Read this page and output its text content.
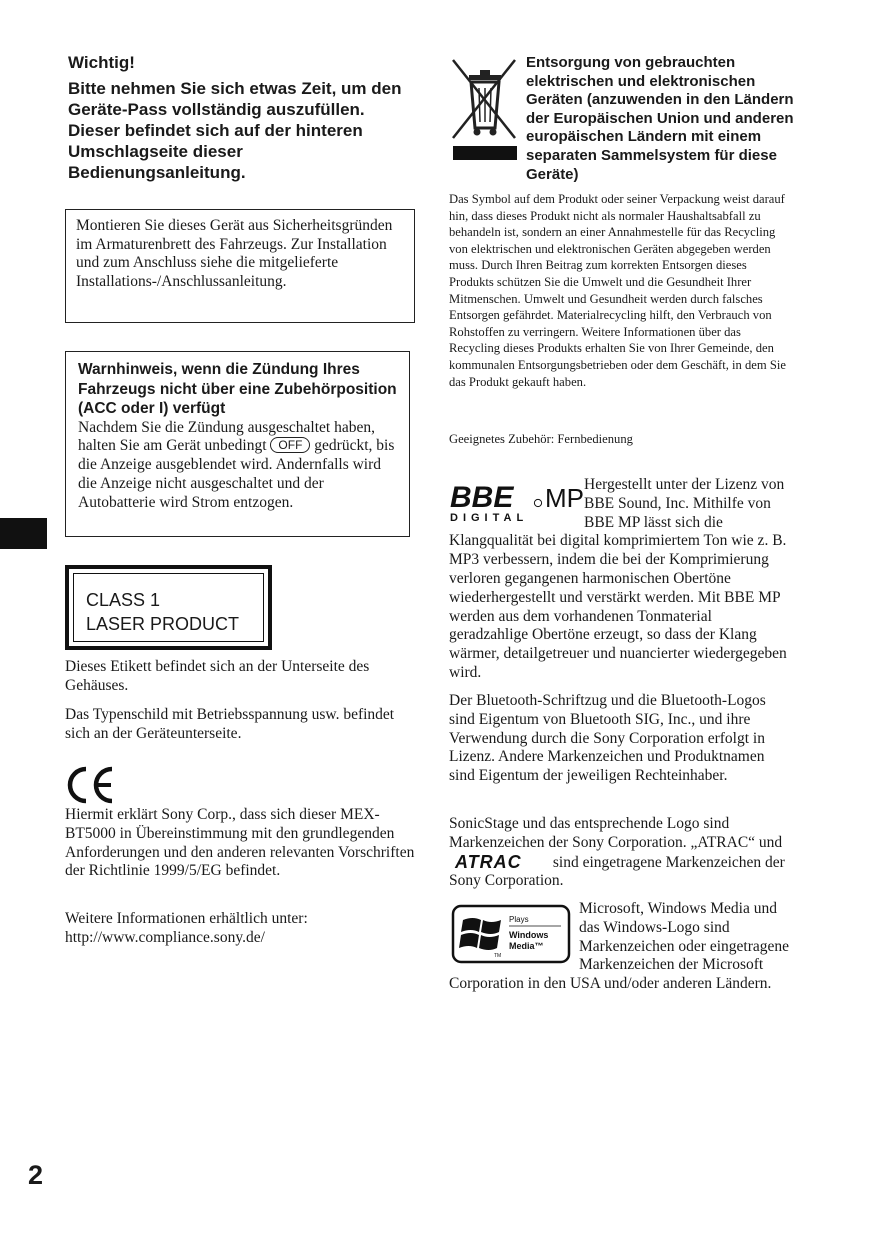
Wichtig!
Bitte nehmen Sie sich etwas Zeit, um den Geräte-Pass vollständig auszufüllen. Dieser befindet sich auf der hinteren Umschlagseite dieser Bedienungsanleitung.
Montieren Sie dieses Gerät aus Sicherheitsgründen im Armaturenbrett des Fahrzeugs. Zur Installation und zum Anschluss siehe die mitgelieferte Installations-/Anschlussanleitung.
Warnhinweis, wenn die Zündung Ihres Fahrzeugs nicht über eine Zubehörposition (ACC oder I) verfügt
Nachdem Sie die Zündung ausgeschaltet haben, halten Sie am Gerät unbedingt OFF gedrückt, bis die Anzeige ausgeblendet wird. Andernfalls wird die Anzeige nicht ausgeschaltet und der Autobatterie wird Strom entzogen.
CLASS 1
LASER PRODUCT
Dieses Etikett befindet sich an der Unterseite des Gehäuses.
Das Typenschild mit Betriebsspannung usw. befindet sich an der Geräteunterseite.
Hiermit erklärt Sony Corp., dass sich dieser MEX-BT5000 in Übereinstimmung mit den grundlegenden Anforderungen und den anderen relevanten Vorschriften der Richtlinie 1999/5/EG befindet.
Weitere Informationen erhältlich unter: http://www.compliance.sony.de/
Entsorgung von gebrauchten elektrischen und elektronischen Geräten (anzuwenden in den Ländern der Europäischen Union und anderen europäischen Ländern mit einem separaten Sammelsystem für diese Geräte)
Das Symbol auf dem Produkt oder seiner Verpackung weist darauf hin, dass dieses Produkt nicht als normaler Haushaltsabfall zu behandeln ist, sondern an einer Annahmestelle für das Recycling von elektrischen und elektronischen Geräten abgegeben werden muss. Durch Ihren Beitrag zum korrekten Entsorgen dieses Produkts schützen Sie die Umwelt und die Gesundheit Ihrer Mitmenschen. Umwelt und Gesundheit werden durch falsches Entsorgen gefährdet. Materialrecycling hilft, den Verbrauch von Rohstoffen zu verringern. Weitere Informationen über das Recycling dieses Produkts erhalten Sie von Ihrer Gemeinde, den kommunalen Entsorgungsbetrieben oder dem Geschäft, in dem Sie das Produkt gekauft haben.
Geeignetes Zubehör: Fernbedienung
Hergestellt unter der Lizenz von BBE Sound, Inc. Mithilfe von BBE MP lässt sich die Klangqualität bei digital komprimiertem Ton wie z. B. MP3 verbessern, indem die bei der Komprimierung verloren gegangenen harmonischen Obertöne wiederhergestellt und verstärkt werden. Mit BBE MP werden aus dem vorhandenen Tonmaterial geradzahlige Obertöne erzeugt, so dass der Klang wärmer, detailgetreuer und nuancierter wiedergegeben wird.
BBE MP
DIGITAL
Der Bluetooth-Schriftzug und die Bluetooth-Logos sind Eigentum von Bluetooth SIG, Inc., und ihre Verwendung durch die Sony Corporation erfolgt in Lizenz. Andere Markenzeichen und Produktnamen sind Eigentum der jeweiligen Rechteinhaber.
SonicStage und das entsprechende Logo sind Markenzeichen der Sony Corporation. „ATRAC“ und
ATRAC sind eingetragene Markenzeichen der Sony Corporation.
Microsoft, Windows Media und das Windows-Logo sind Markenzeichen oder eingetragene Markenzeichen der Microsoft Corporation in den USA und/oder anderen Ländern.
TM
Plays
Windows
Media™
2
